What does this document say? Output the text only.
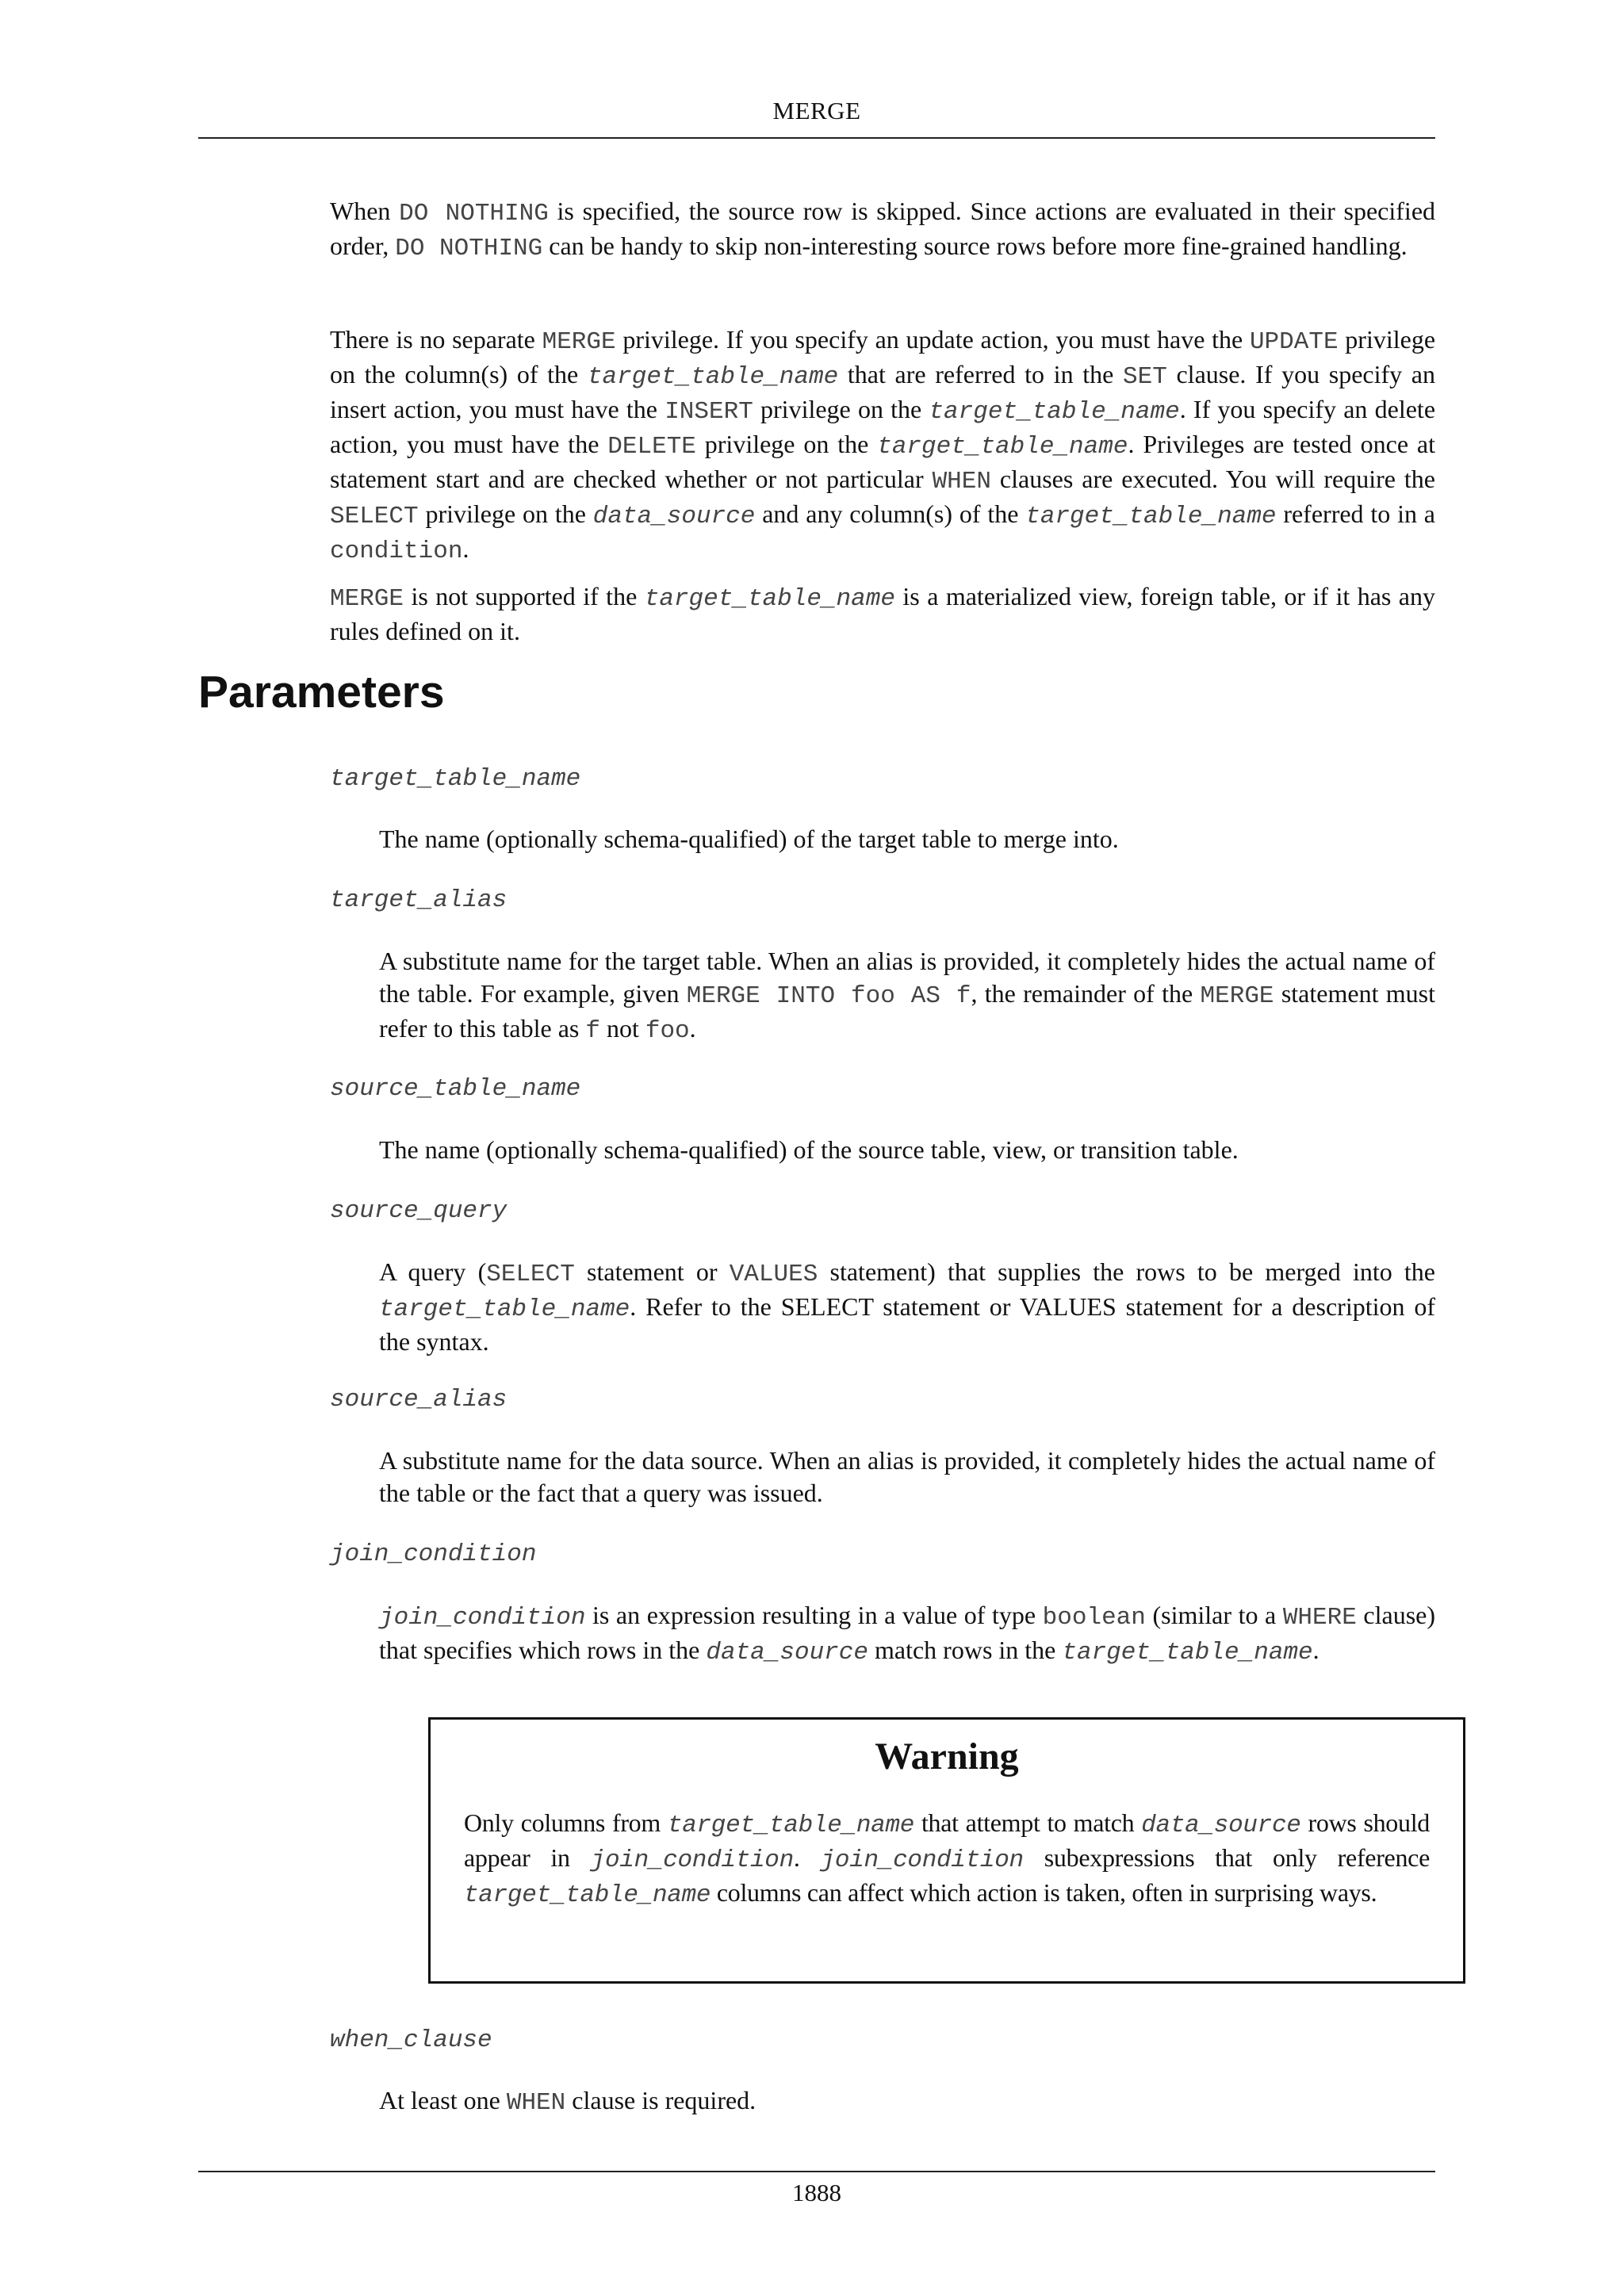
MERGE

When DO NOTHING is specified, the source row is skipped. Since actions are evaluated in their specified order, DO NOTHING can be handy to skip non-interesting source rows before more fine-grained handling.

There is no separate MERGE privilege. If you specify an update action, you must have the UPDATE privilege on the column(s) of the target_table_name that are referred to in the SET clause. If you specify an insert action, you must have the INSERT privilege on the target_table_name. If you specify an delete action, you must have the DELETE privilege on the target_table_name. Privileges are tested once at statement start and are checked whether or not particular WHEN clauses are executed. You will require the SELECT privilege on the data_source and any column(s) of the target_table_name referred to in a condition.

MERGE is not supported if the target_table_name is a materialized view, foreign table, or if it has any rules defined on it.

Parameters
target_table_name

The name (optionally schema-qualified) of the target table to merge into.

target_alias

A substitute name for the target table. When an alias is provided, it completely hides the actual name of the table. For example, given MERGE INTO foo AS f, the remainder of the MERGE statement must refer to this table as f not foo.

source_table_name

The name (optionally schema-qualified) of the source table, view, or transition table.

source_query

A query (SELECT statement or VALUES statement) that supplies the rows to be merged into the target_table_name. Refer to the SELECT statement or VALUES statement for a description of the syntax.

source_alias

A substitute name for the data source. When an alias is provided, it completely hides the actual name of the table or the fact that a query was issued.

join_condition

join_condition is an expression resulting in a value of type boolean (similar to a WHERE clause) that specifies which rows in the data_source match rows in the target_table_name.

Warning

Only columns from target_table_name that attempt to match data_source rows should appear in join_condition. join_condition subexpressions that only reference target_table_name columns can affect which action is taken, often in surprising ways.

when_clause

At least one WHEN clause is required.

1888
